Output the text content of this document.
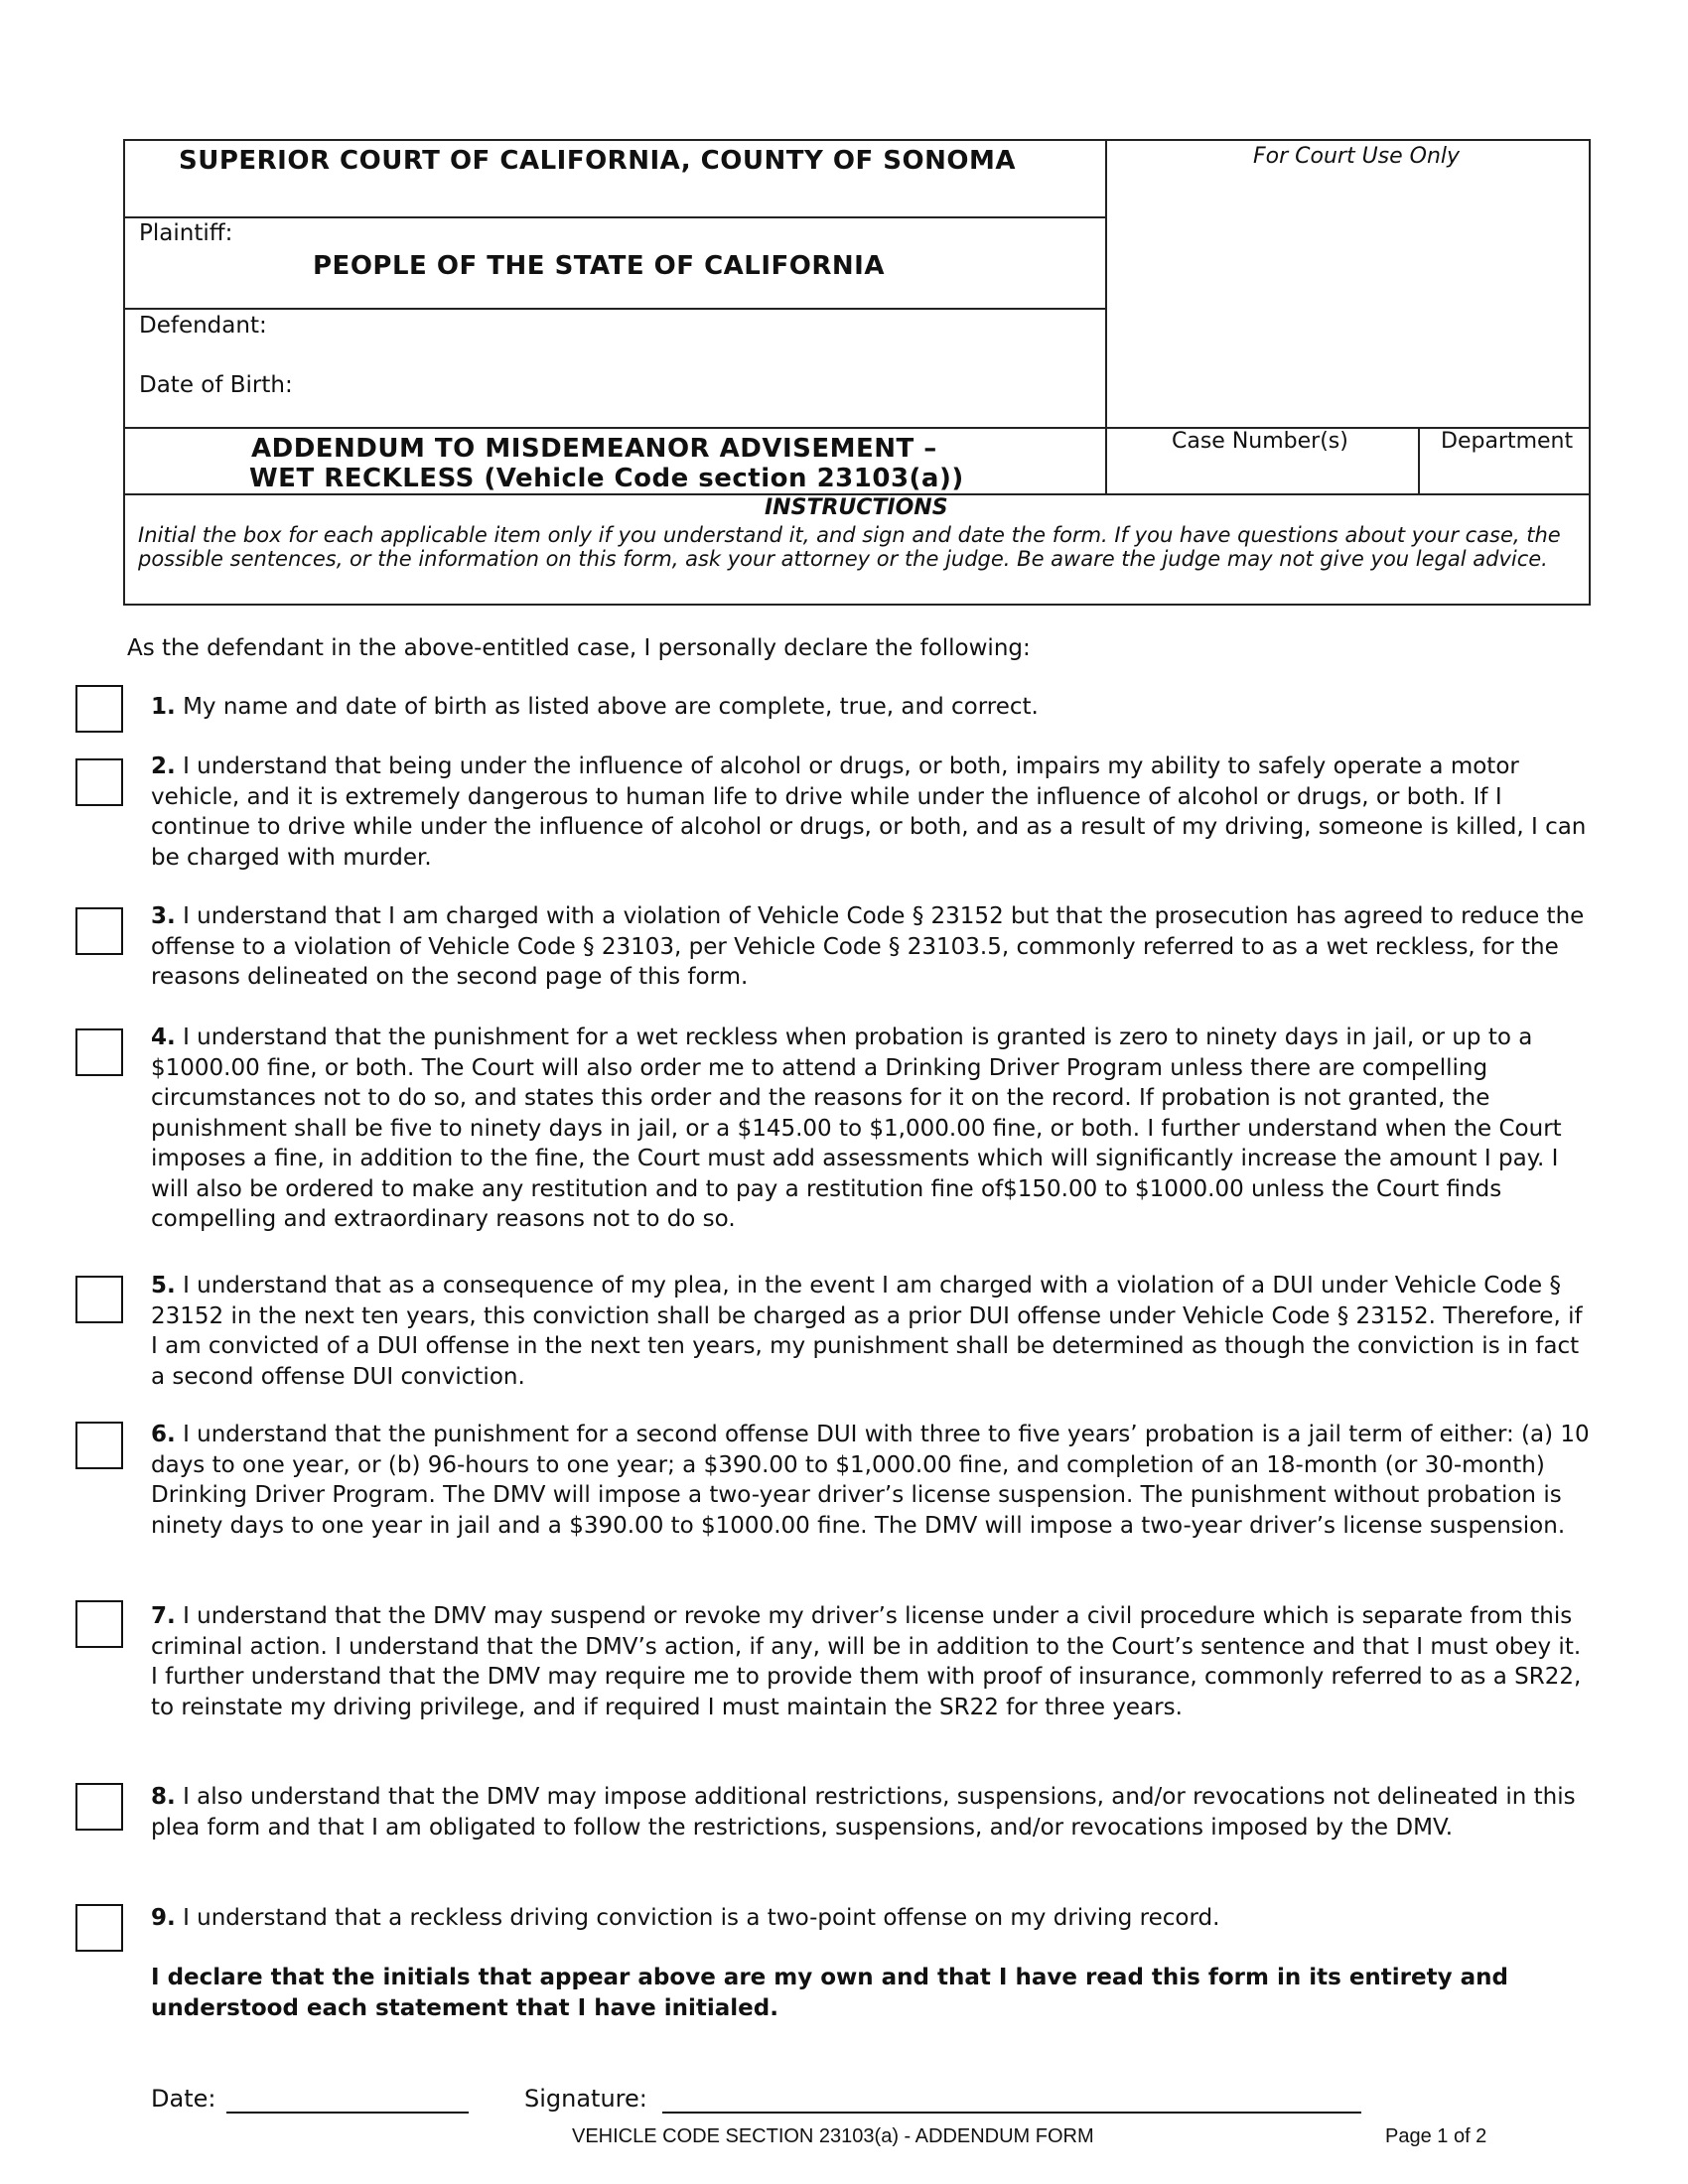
SUPERIOR COURT OF CALIFORNIA, COUNTY OF SONOMA	For Court Use Only
Plaintiff:
PEOPLE OF THE STATE OF CALIFORNIA
Defendant:
Date of Birth:
ADDENDUM TO MISDEMEANOR ADVISEMENT –
WET RECKLESS (Vehicle Code section 23103(a))
Case Number(s)	Department
INSTRUCTIONS
Initial the box for each applicable item only if you understand it, and sign and date the form. If you have questions about your case, the possible sentences, or the information on this form, ask your attorney or the judge. Be aware the judge may not give you legal advice.
As the defendant in the above-entitled case, I personally declare the following:
1. My name and date of birth as listed above are complete, true, and correct.
2. I understand that being under the influence of alcohol or drugs, or both, impairs my ability to safely operate a motor vehicle, and it is extremely dangerous to human life to drive while under the influence of alcohol or drugs, or both. If I continue to drive while under the influence of alcohol or drugs, or both, and as a result of my driving, someone is killed, I can be charged with murder.
3. I understand that I am charged with a violation of Vehicle Code § 23152 but that the prosecution has agreed to reduce the offense to a violation of Vehicle Code § 23103, per Vehicle Code § 23103.5, commonly referred to as a wet reckless, for the reasons delineated on the second page of this form.
4. I understand that the punishment for a wet reckless when probation is granted is zero to ninety days in jail, or up to a $1000.00 fine, or both. The Court will also order me to attend a Drinking Driver Program unless there are compelling circumstances not to do so, and states this order and the reasons for it on the record. If probation is not granted, the punishment shall be five to ninety days in jail, or a $145.00 to $1,000.00 fine, or both. I further understand when the Court imposes a fine, in addition to the fine, the Court must add assessments which will significantly increase the amount I pay. I will also be ordered to make any restitution and to pay a restitution fine of$150.00 to $1000.00 unless the Court finds compelling and extraordinary reasons not to do so.
5. I understand that as a consequence of my plea, in the event I am charged with a violation of a DUI under Vehicle Code § 23152 in the next ten years, this conviction shall be charged as a prior DUI offense under Vehicle Code § 23152. Therefore, if I am convicted of a DUI offense in the next ten years, my punishment shall be determined as though the conviction is in fact a second offense DUI conviction.
6. I understand that the punishment for a second offense DUI with three to five years’ probation is a jail term of either: (a) 10 days to one year, or (b) 96-hours to one year; a $390.00 to $1,000.00 fine, and completion of an 18-month (or 30-month) Drinking Driver Program. The DMV will impose a two-year driver’s license suspension. The punishment without probation is ninety days to one year in jail and a $390.00 to $1000.00 fine. The DMV will impose a two-year driver’s license suspension.
7. I understand that the DMV may suspend or revoke my driver’s license under a civil procedure which is separate from this criminal action. I understand that the DMV’s action, if any, will be in addition to the Court’s sentence and that I must obey it. I further understand that the DMV may require me to provide them with proof of insurance, commonly referred to as a SR22, to reinstate my driving privilege, and if required I must maintain the SR22 for three years.
8. I also understand that the DMV may impose additional restrictions, suspensions, and/or revocations not delineated in this plea form and that I am obligated to follow the restrictions, suspensions, and/or revocations imposed by the DMV.
9. I understand that a reckless driving conviction is a two-point offense on my driving record.
I declare that the initials that appear above are my own and that I have read this form in its entirety and understood each statement that I have initialed.
Date:	Signature:
VEHICLE CODE SECTION 23103(a) - ADDENDUM FORM	Page 1 of 2
